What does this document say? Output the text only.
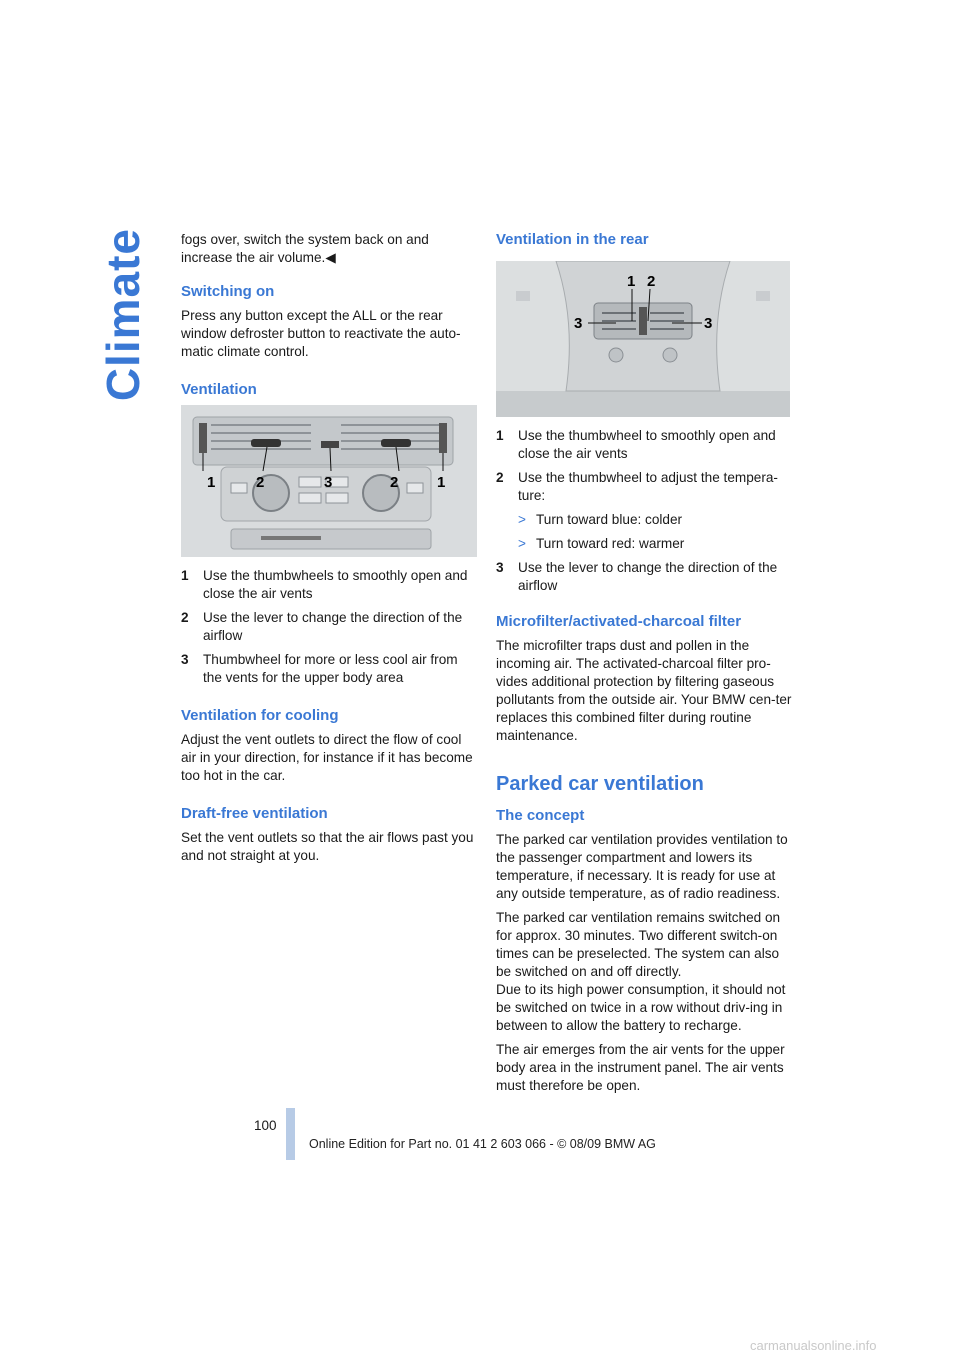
Climate fogs over, switch the system back on and increase the air volume.◀

Switching on

Press any button except the ALL or the rear window defroster button to reactivate the auto-matic climate control.

Ventilation
1	2	3	2	1
1	Use the thumbwheels to smoothly open and close the air vents
2	Use the lever to change the direction of the airflow
3	Thumbwheel for more or less cool air from the vents for the upper body area
Ventilation for cooling

Adjust the vent outlets to direct the flow of cool air in your direction, for instance if it has become too hot in the car.

Draft-free ventilation

Set the vent outlets so that the air flows past you and not straight at you.

Ventilation in the rear
1 2
3	3
1	Use the thumbwheel to smoothly open and close the air vents
2	Use the thumbwheel to adjust the tempera-ture:
> Turn toward blue: colder
> Turn toward red: warmer
3	Use the lever to change the direction of the airflow
Microfilter/activated-charcoal filter

The microfilter traps dust and pollen in the incoming air. The activated-charcoal filter pro-vides additional protection by filtering gaseous pollutants from the outside air. Your BMW cen-ter replaces this combined filter during routine maintenance.

Parked car ventilation
The concept

The parked car ventilation provides ventilation to the passenger compartment and lowers its temperature, if necessary. It is ready for use at any outside temperature, as of radio readiness.

The parked car ventilation remains switched on for approx. 30 minutes. Two different switch-on times can be preselected. The system can also be switched on and off directly.

Due to its high power consumption, it should not be switched on twice in a row without driv-ing in between to allow the battery to recharge.

The air emerges from the air vents for the upper body area in the instrument panel. The air vents must therefore be open.

100
Online Edition for Part no. 01 41 2 603 066 - © 08/09 BMW AG
carmanualsonline.info
